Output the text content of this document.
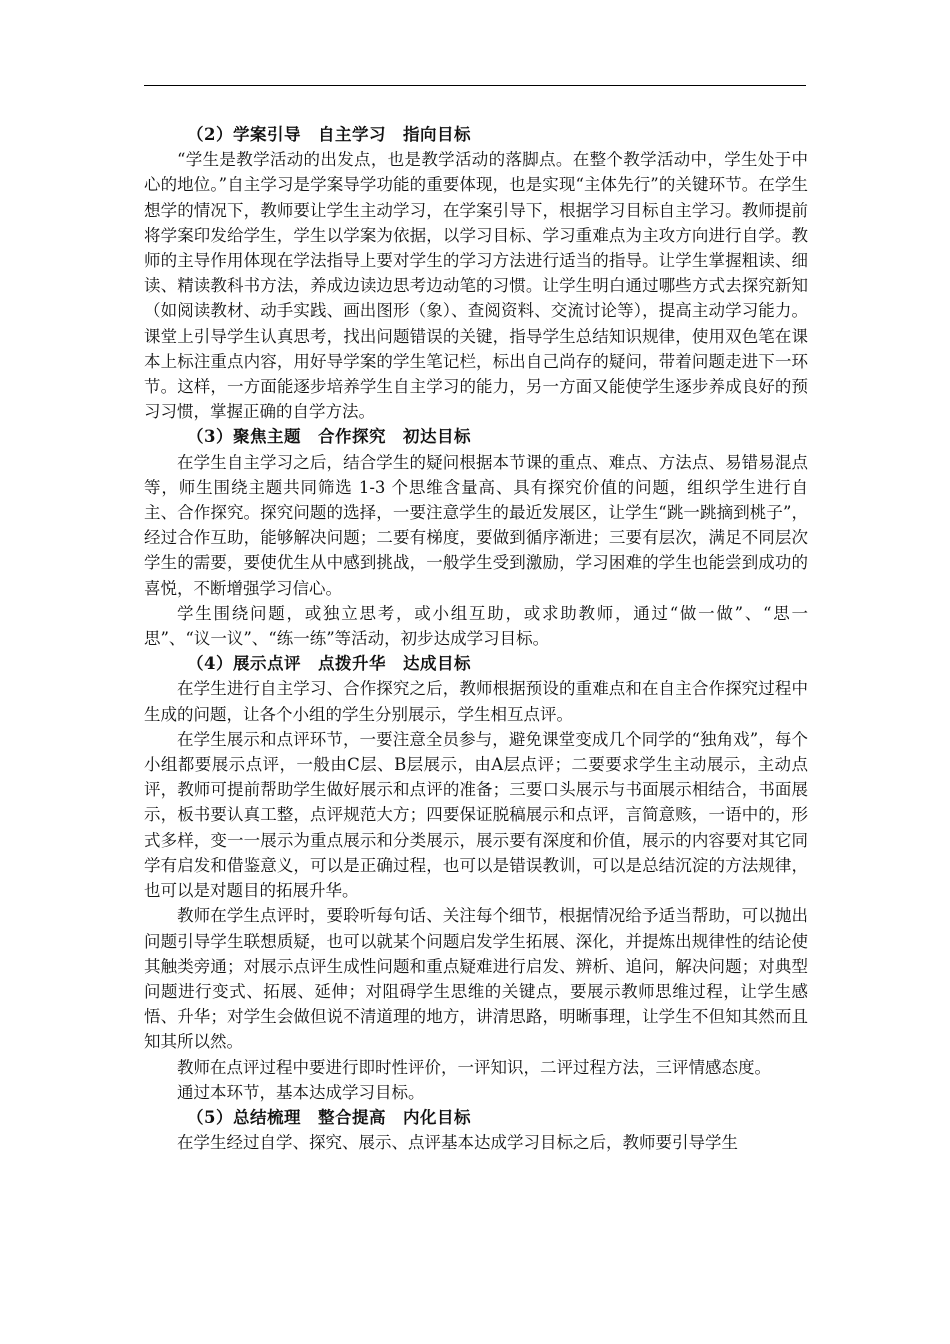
（2）学案引导　自主学习　指向目标

“学生是教学活动的出发点，也是教学活动的落脚点。在整个教学活动中，学生处于中心的地位。”自主学习是学案导学功能的重要体现，也是实现“主体先行”的关键环节。在学生想学的情况下，教师要让学生主动学习，在学案引导下，根据学习目标自主学习。教师提前将学案印发给学生，学生以学案为依据，以学习目标、学习重难点为主攻方向进行自学。教师的主导作用体现在学法指导上要对学生的学习方法进行适当的指导。让学生掌握粗读、细读、精读教科书方法，养成边读边思考边动笔的习惯。让学生明白通过哪些方式去探究新知（如阅读教材、动手实践、画出图形（象）、查阅资料、交流讨论等），提高主动学习能力。课堂上引导学生认真思考，找出问题错误的关键，指导学生总结知识规律，使用双色笔在课本上标注重点内容，用好导学案的学生笔记栏，标出自己尚存的疑问，带着问题走进下一环节。这样，一方面能逐步培养学生自主学习的能力，另一方面又能使学生逐步养成良好的预习习惯，掌握正确的自学方法。

（3）聚焦主题　合作探究　初达目标

在学生自主学习之后，结合学生的疑问根据本节课的重点、难点、方法点、易错易混点等，师生围绕主题共同筛选 1-3 个思维含量高、具有探究价值的问题，组织学生进行自主、合作探究。探究问题的选择，一要注意学生的最近发展区，让学生“跳一跳摘到桃子”，经过合作互助，能够解决问题；二要有梯度，要做到循序渐进；三要有层次，满足不同层次学生的需要，要使优生从中感到挑战，一般学生受到激励，学习困难的学生也能尝到成功的喜悦，不断增强学习信心。

学生围绕问题，或独立思考，或小组互助，或求助教师，通过“做一做”、“思一思”、“议一议”、“练一练”等活动，初步达成学习目标。

（4）展示点评　点拨升华　达成目标

在学生进行自主学习、合作探究之后，教师根据预设的重难点和在自主合作探究过程中生成的问题，让各个小组的学生分别展示，学生相互点评。

在学生展示和点评环节，一要注意全员参与，避免课堂变成几个同学的“独角戏”，每个小组都要展示点评，一般由C层、B层展示，由A层点评；二要要求学生主动展示，主动点评，教师可提前帮助学生做好展示和点评的准备；三要口头展示与书面展示相结合，书面展示，板书要认真工整，点评规范大方；四要保证脱稿展示和点评，言简意赅，一语中的，形式多样，变一一展示为重点展示和分类展示，展示要有深度和价值，展示的内容要对其它同学有启发和借鉴意义，可以是正确过程，也可以是错误教训，可以是总结沉淀的方法规律，也可以是对题目的拓展升华。

教师在学生点评时，要聆听每句话、关注每个细节，根据情况给予适当帮助，可以抛出问题引导学生联想质疑，也可以就某个问题启发学生拓展、深化，并提炼出规律性的结论使其触类旁通；对展示点评生成性问题和重点疑难进行启发、辨析、追问，解决问题；对典型问题进行变式、拓展、延伸；对阻碍学生思维的关键点，要展示教师思维过程，让学生感悟、升华；对学生会做但说不清道理的地方，讲清思路，明晰事理，让学生不但知其然而且知其所以然。

教师在点评过程中要进行即时性评价，一评知识，二评过程方法，三评情感态度。

通过本环节，基本达成学习目标。

（5）总结梳理　整合提高　内化目标

在学生经过自学、探究、展示、点评基本达成学习目标之后，教师要引导学生
